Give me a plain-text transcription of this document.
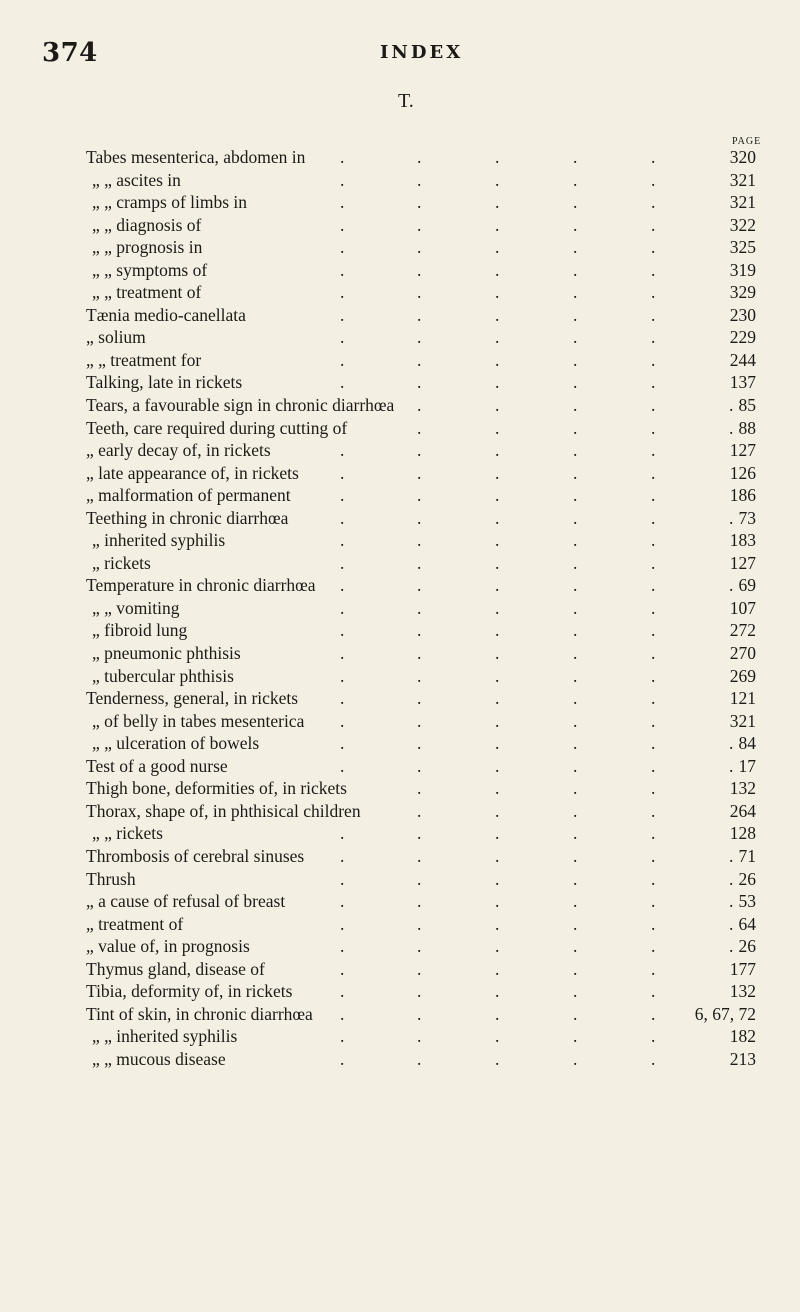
374	INDEX
T.
PAGE
Tabes mesenterica, abdomen in .	.	.	.	.	320
„ „ ascites in	.	.	.	.	.	321
„ „ cramps of limbs in	.	.	.	.	.	321
„ „ diagnosis of	.	.	.	.	.	322
„ „ prognosis in	.	.	.	.	.	325
„ „ symptoms of	.	.	.	.	.	319
„ „ treatment of	.	.	.	.	.	329
Tænia medio-canellata	.	.	.	.	.	230
„ solium	.	.	.	.	.	229
„ „ treatment for	.	.	.	.	.	244
Talking, late in rickets	.	.	.	.	.	137
Tears, a favourable sign in chronic diarrhœa .	.	.	.	. 85
Teeth, care required during cutting of	.	.	.	.	. 88
„ early decay of, in rickets	.	.	.	.	.	127
„ late appearance of, in rickets .	.	.	.	.	126
„ malformation of permanent	.	.	.	.	.	186
Teething in chronic diarrhœa	.	.	.	.	.	. 73
„ inherited syphilis	.	.	.	.	.	183
„ rickets	.	.	.	.	.	127
Temperature in chronic diarrhœa .	.	.	.	.	. 69
„ „ vomiting	.	.	.	.	.	107
„ fibroid lung	.	.	.	.	.	272
„ pneumonic phthisis	.	.	.	.	.	270
„ tubercular phthisis	.	.	.	.	.	269
Tenderness, general, in rickets .	.	.	.	.	121
„ of belly in tabes mesenterica .	.	.	.	.	321
„ „ ulceration of bowels	.	.	.	.	.	. 84
Test of a good nurse	.	.	.	.	.	. 17
Thigh bone, deformities of, in rickets	.	.	.	.	132
Thorax, shape of, in phthisical children	.	.	.	.	264
„ „ rickets	.	.	.	.	.	128
Thrombosis of cerebral sinuses .	.	.	.	.	. 71
Thrush	.	.	.	.	.	. 26
„ a cause of refusal of breast	.	.	.	.	.	. 53
„ treatment of	.	.	.	.	.	. 64
„ value of, in prognosis	.	.	.	.	.	. 26
Thymus gland, disease of	.	.	.	.	.	177
Tibia, deformity of, in rickets	.	.	.	.	.	132
Tint of skin, in chronic diarrhœa .	.	.	.	. 6, 67, 72
„ „ inherited syphilis	.	.	.	.	.	182
„ „ mucous disease	.	.	.	.	.	213
